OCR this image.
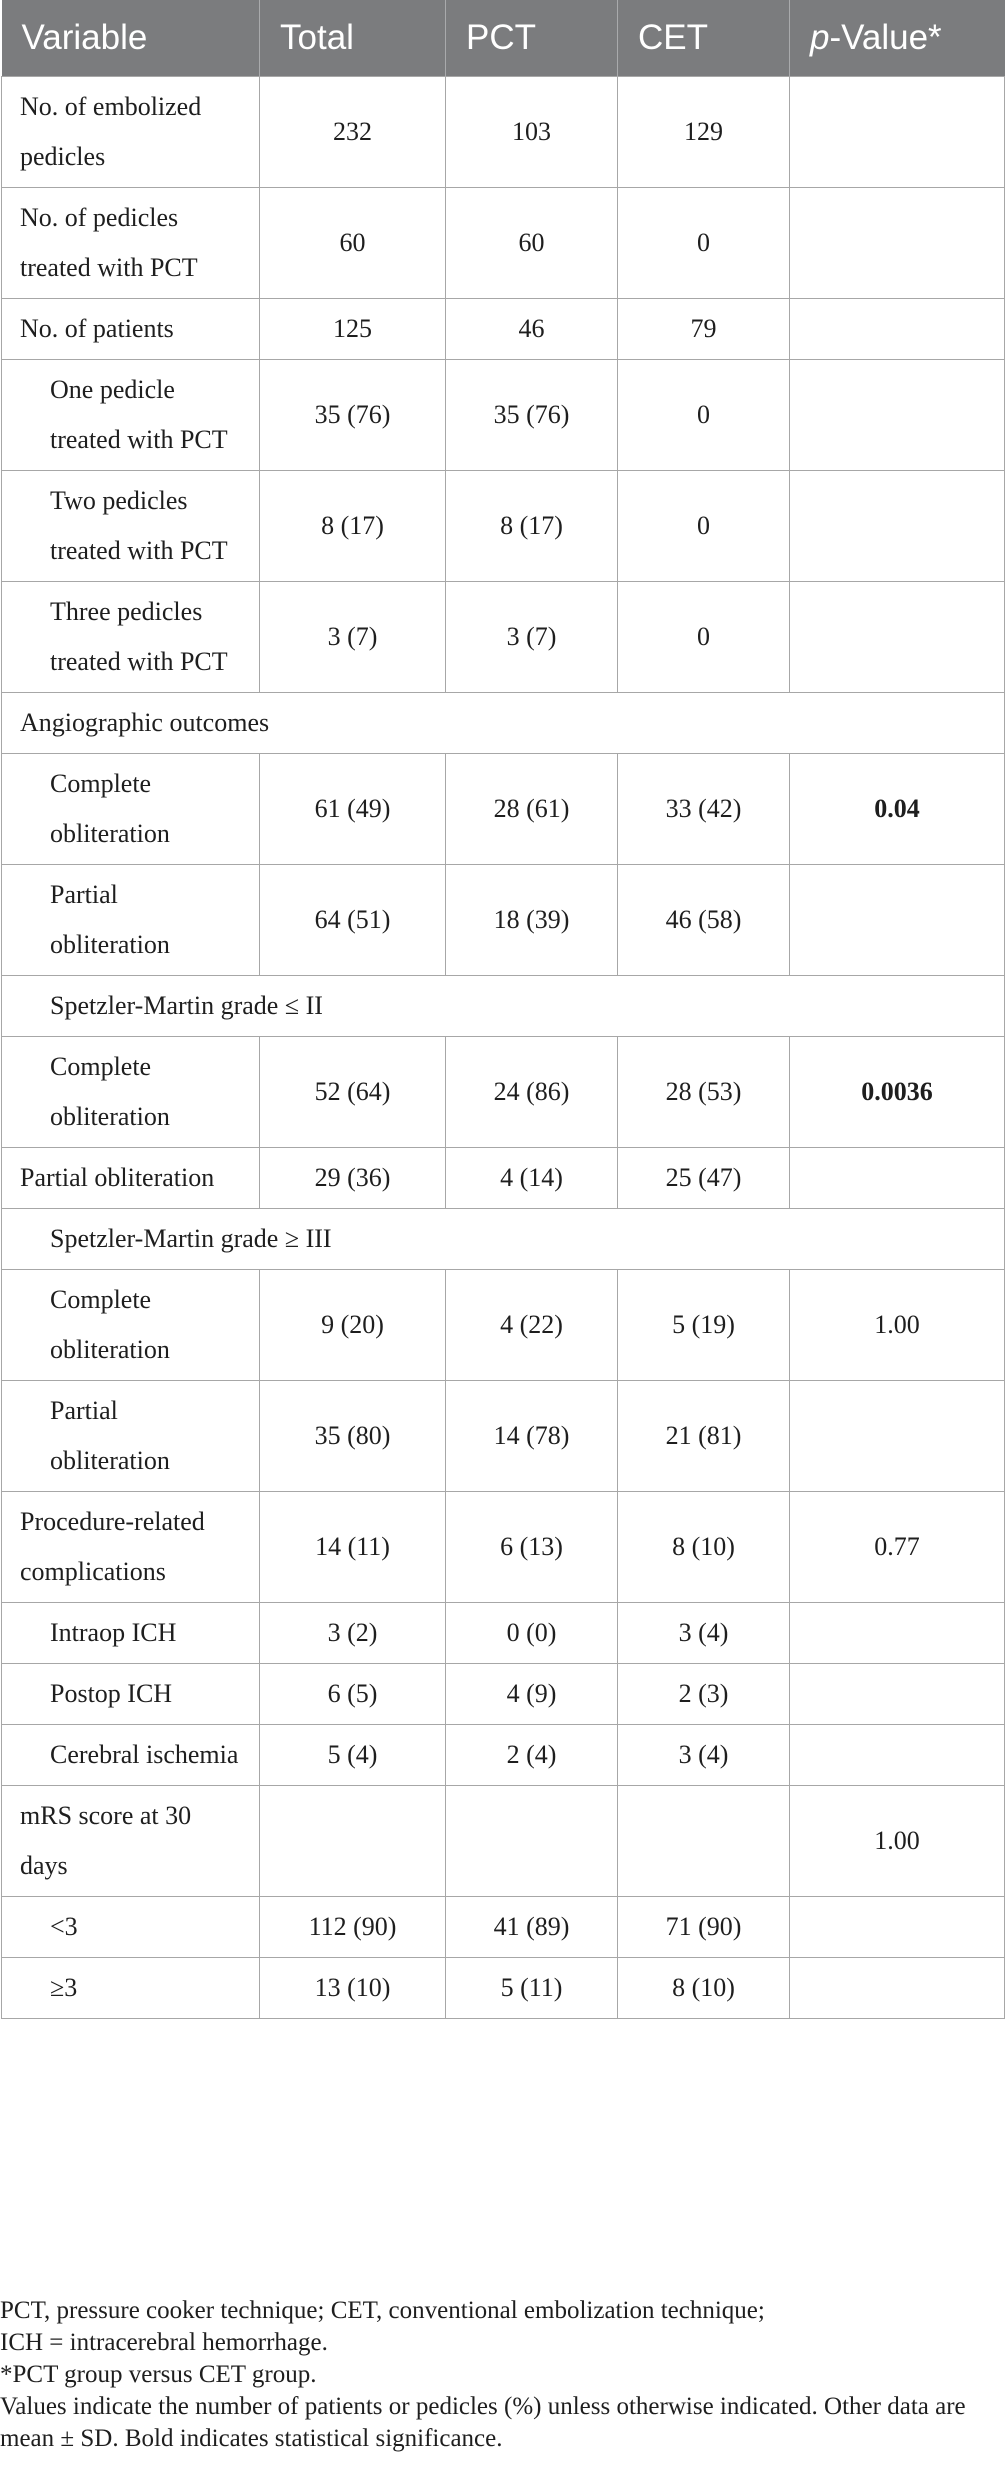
Variable	Total	PCT	CET	p-Value*
No. of embolized pedicles	232	103	129	
No. of pedicles treated with PCT	60	60	0	
No. of patients	125	46	79	
One pedicle treated with PCT	35 (76)	35 (76)	0	
Two pedicles treated with PCT	8 (17)	8 (17)	0	
Three pedicles treated with PCT	3 (7)	3 (7)	0	
Angiographic outcomes				
Complete obliteration	61 (49)	28 (61)	33 (42)	0.04
Partial obliteration	64 (51)	18 (39)	46 (58)	
Spetzler-Martin grade ≤ II				
Complete obliteration	52 (64)	24 (86)	28 (53)	0.0036
Partial obliteration	29 (36)	4 (14)	25 (47)	
Spetzler-Martin grade ≥ III				
Complete obliteration	9 (20)	4 (22)	5 (19)	1.00
Partial obliteration	35 (80)	14 (78)	21 (81)	
Procedure-related complications	14 (11)	6 (13)	8 (10)	0.77
Intraop ICH	3 (2)	0 (0)	3 (4)	
Postop ICH	6 (5)	4 (9)	2 (3)	
Cerebral ischemia	5 (4)	2 (4)	3 (4)	
mRS score at 30 days				1.00
<3	112 (90)	41 (89)	71 (90)	
≥3	13 (10)	5 (11)	8 (10)	

PCT, pressure cooker technique; CET, conventional embolization technique;

ICH = intracerebral hemorrhage.

*PCT group versus CET group.

Values indicate the number of patients or pedicles (%) unless otherwise indicated. Other data are mean ± SD. Bold indicates statistical significance.
